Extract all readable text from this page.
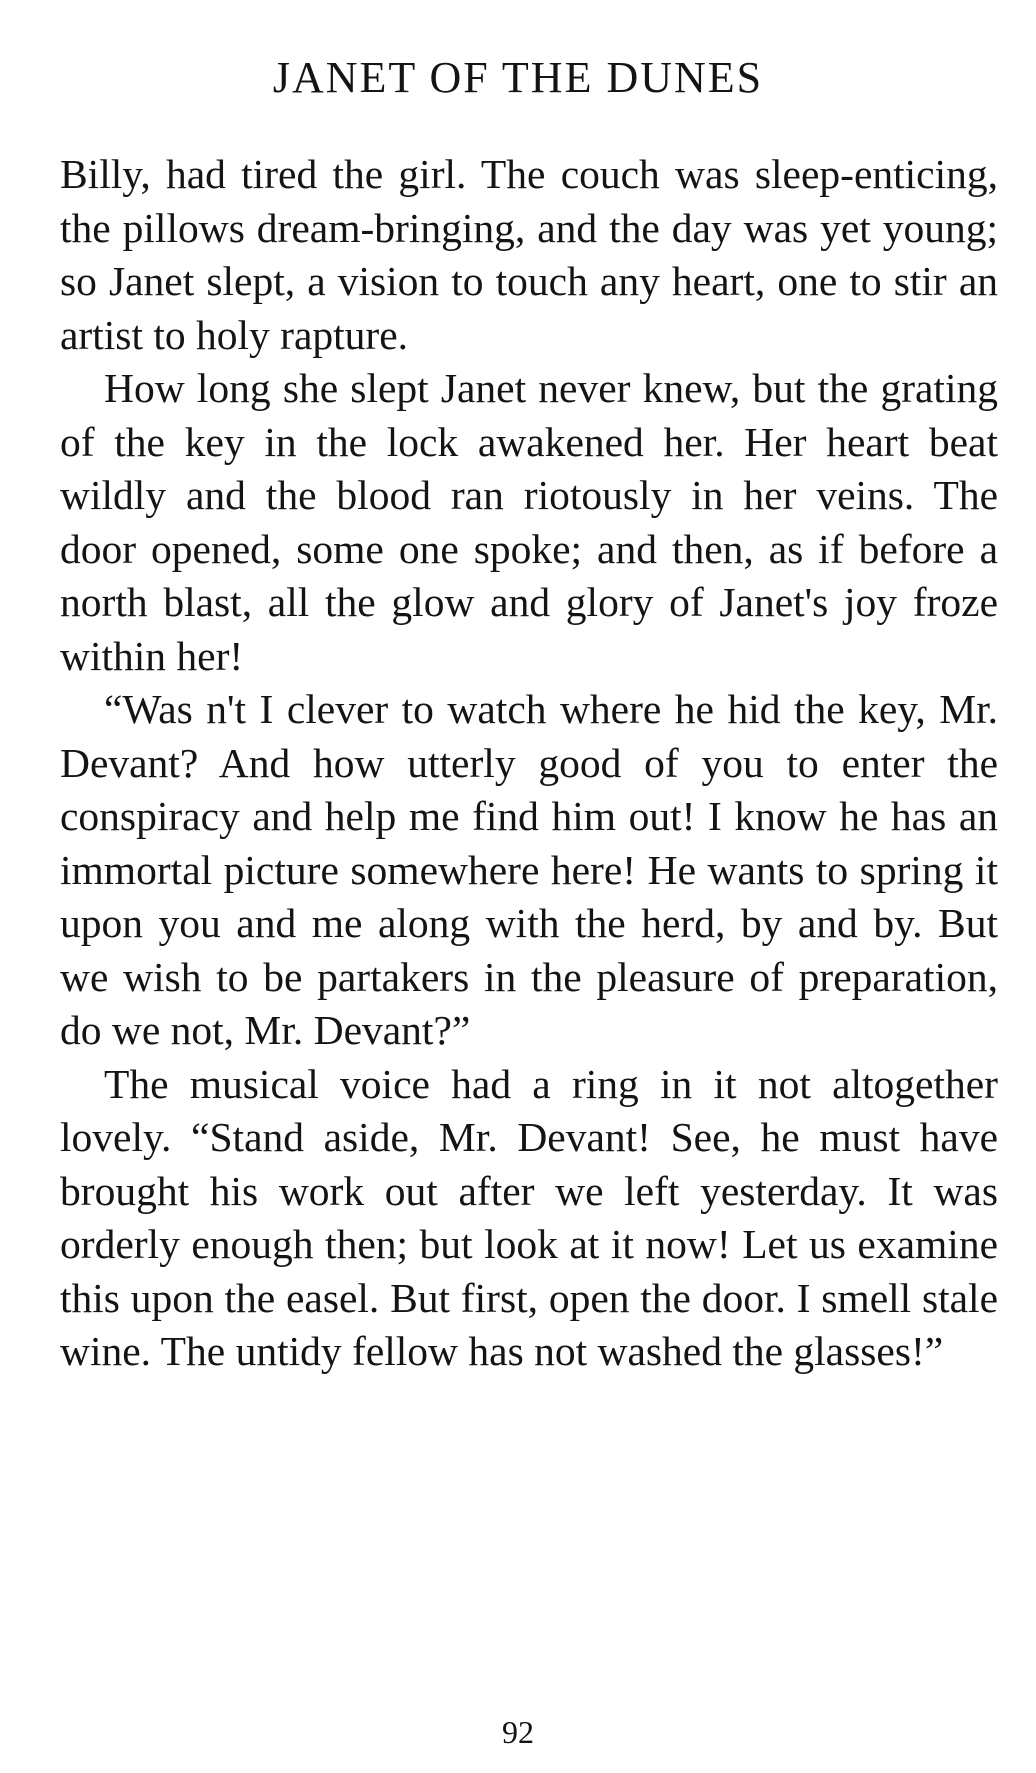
JANET OF THE DUNES

Billy, had tired the girl. The couch was sleep-enticing, the pillows dream-bringing, and the day was yet young; so Janet slept, a vision to touch any heart, one to stir an artist to holy rapture.

How long she slept Janet never knew, but the grating of the key in the lock awakened her. Her heart beat wildly and the blood ran riotously in her veins. The door opened, some one spoke; and then, as if before a north blast, all the glow and glory of Janet's joy froze within her!

“Was n't I clever to watch where he hid the key, Mr. Devant? And how utterly good of you to enter the conspiracy and help me find him out! I know he has an immortal picture somewhere here! He wants to spring it upon you and me along with the herd, by and by. But we wish to be partakers in the pleasure of preparation, do we not, Mr. Devant?”

The musical voice had a ring in it not altogether lovely. “Stand aside, Mr. Devant! See, he must have brought his work out after we left yesterday. It was orderly enough then; but look at it now! Let us examine this upon the easel. But first, open the door. I smell stale wine. The untidy fellow has not washed the glasses!”

92
